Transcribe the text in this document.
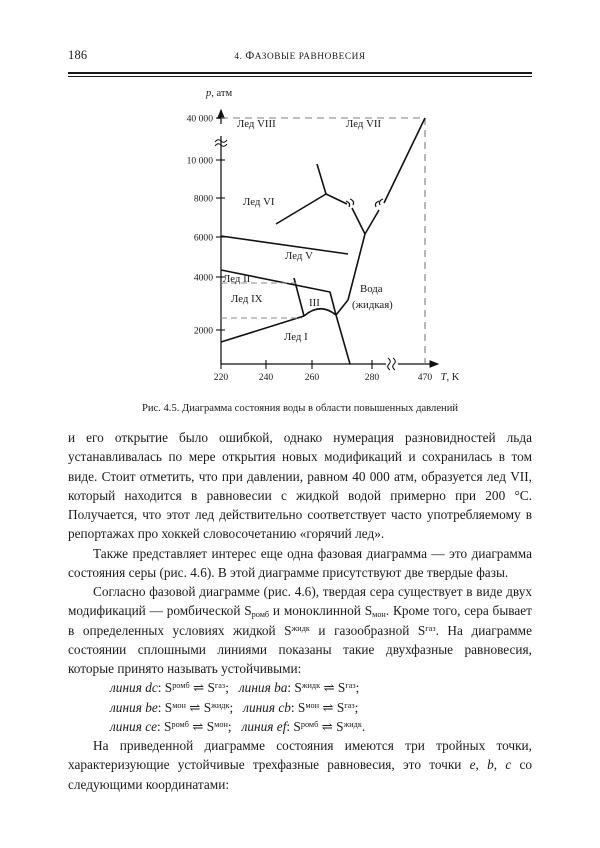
186	4. ФАЗОВЫЕ РАВНОВЕСИЯ
p, атм
40 000
10 000
8000
6000
4000
2000
220	240	260	280	470 T, K
Лед VIII	Лед VII
Лед VI
Лед V
Лед II
Лед IX	III
Лед I
Вода
(жидкая)
Рис. 4.5. Диаграмма состояния воды в области повышенных давлений

и его открытие было ошибкой, однако нумерация разновидностей льда устанавливалась по мере открытия новых модификаций и сохранилась в том виде. Стоит отметить, что при давлении, равном 40 000 атм, образуется лед VII, который находится в равновесии с жидкой водой примерно при 200 °C. Получается, что этот лед действительно соответствует часто употребляемому в репортажах про хоккей словосочетанию «горячий лед».

Также представляет интерес еще одна фазовая диаграмма — это диаграмма состояния серы (рис. 4.6). В этой диаграмме присутствуют две твердые фазы.

Согласно фазовой диаграмме (рис. 4.6), твердая сера существует в виде двух модификаций — ромбической $S_{ромб}$ и моноклинной $S_{мон}$. Кроме того, сера бывает в определенных условиях жидкой $S^{жидк}$ и газообразной $S^{газ}$. На диаграмме состоянии сплошными линиями показаны такие двухфазные равновесия, которые принято называть устойчивыми:

линия dc: $S^{ромб}$ ⇌ $S^{газ}$; линия ba: $S^{жидк}$ ⇌ $S^{газ}$;

линия be: $S^{мон}$ ⇌ $S^{жидк}$; линия cb: $S^{мон}$ ⇌ $S^{газ}$;

линия ce: $S^{ромб}$ ⇌ $S^{мон}$; линия ef: $S^{ромб}$ ⇌ $S^{жидк}$.

На приведенной диаграмме состояния имеются три тройных точки, характеризующие устойчивые трехфазные равновесия, это точки e, b, c со следующими координатами:
